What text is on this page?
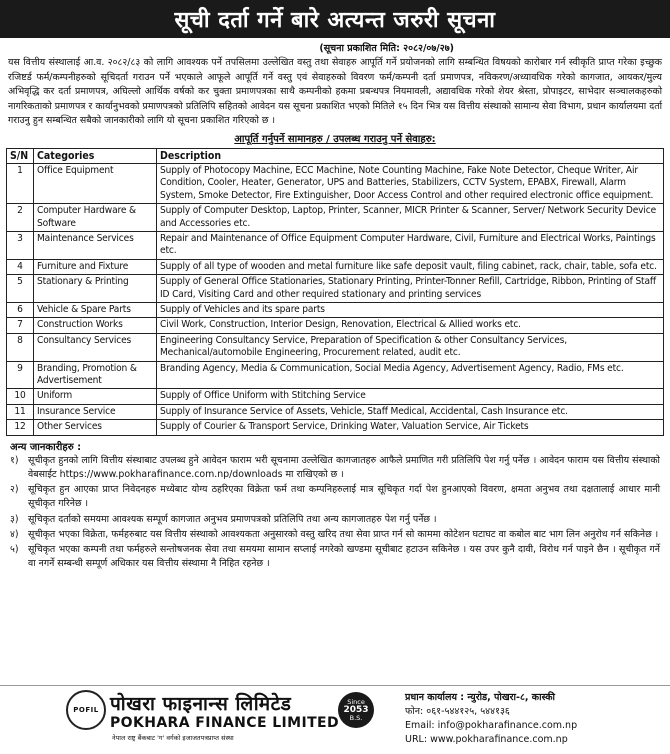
सूची दर्ता गर्ने बारे अत्यन्त जरुरी सूचना
(सूचना प्रकाशित मिति: २०८२/०७/२७)
यस वित्तीय संस्थालाई आ.व. २०८२/८३ को लागि आवश्यक पर्ने तपसिलमा उल्लेखित वस्तु तथा सेवाहरु आपूर्ति गर्ने प्रयोजनको लागि सम्बन्धित विषयको कारोबार गर्न स्वीकृति प्राप्त गरेका इच्छुक रजिष्टर्ड फर्म/कम्पनीहरुको सूचिदर्ता गराउन पर्ने भएकाले आफूले आपूर्ति गर्ने वस्तु एवं सेवाहरुको विवरण फर्म/कम्पनी दर्ता प्रमाणपत्र, नविकरण/अध्यावधिक गरेको कागजात, आयकर/मुल्य अभिवृद्धि कर दर्ता प्रमाणपत्र, अघिल्लो आर्थिक वर्षको कर चुक्ता प्रमाणपत्रका साथै कम्पनीको हकमा प्रबन्धपत्र नियमावली, अद्यावधिक गरेको शेयर श्रेस्ता, प्रोपाइटर, साभेदार सञ्चालकहरुको नागरिकताको प्रमाणपत्र र कार्यानुभवको प्रमाणपत्रको प्रतिलिपि सहितको आवेदन यस सूचना प्रकाशित भएको मितिले १५ दिन भित्र यस वित्तीय संस्थाको सामान्य सेवा विभाग, प्रधान कार्यालयमा दर्ता गराउनु हुन सम्बन्धित सबैको जानकारीको लागि यो सूचना प्रकाशित गरिएको छ ।
आपूर्ति गर्नुपर्ने सामानहरु / उपलब्ध गराउनु पर्ने सेवाहरु:
S/N	Categories	Description
1	Office Equipment	Supply of Photocopy Machine, ECC Machine, Note Counting Machine, Fake Note Detector, Cheque Writer, Air Condition, Cooler, Heater, Generator, UPS and Batteries, Stabilizers, CCTV System, EPABX, Firewall, Alarm System, Smoke Detector, Fire Extinguisher, Door Access Control and other required electronic office equipment.
2	Computer Hardware & Software	Supply of Computer Desktop, Laptop, Printer, Scanner, MICR Printer & Scanner, Server/ Network Security Device and Accessories etc.
3	Maintenance Services	Repair and Maintenance of Office Equipment Computer Hardware, Civil, Furniture and Electrical Works, Paintings etc.
4	Furniture and Fixture	Supply of all type of wooden and metal furniture like safe deposit vault, filing cabinet, rack, chair, table, sofa etc.
5	Stationary & Printing	Supply of General Office Stationaries, Stationary Printing, Printer-Tonner Refill, Cartridge, Ribbon, Printing of Staff ID Card, Visiting Card and other required stationary and printing services
6	Vehicle & Spare Parts	Supply of Vehicles and its spare parts
7	Construction Works	Civil Work, Construction, Interior Design, Renovation, Electrical & Allied works etc.
8	Consultancy Services	Engineering Consultancy Service, Preparation of Specification & other Consultancy Services, Mechanical/automobile Engineering, Procurement related, audit etc.
9	Branding, Promotion & Advertisement	Branding Agency, Media & Communication, Social Media Agency, Advertisement Agency, Radio, FMs etc.
10	Uniform	Supply of Office Uniform with Stitching Service
11	Insurance Service	Supply of Insurance Service of Assets, Vehicle, Staff Medical, Accidental, Cash Insurance etc.
12	Other Services	Supply of Courier & Transport Service, Drinking Water, Valuation Service, Air Tickets
अन्य जानकारीहरु :
१)	सूचीकृत हुनको लागि वित्तीय संस्थाबाट उपलब्ध हुने आवेदन फाराम भरी सूचनामा उल्लेखित कागजातहरु आफैले प्रमाणित गरी प्रतिलिपि पेश गर्नु पर्नेछ । आवेदन फाराम यस वित्तीय संस्थाको वेबसाईट https://www.pokharafinance.com.np/downloads मा राखिएको छ ।
२)	सूचिकृत हुन आएका प्राप्त निवेदनहरु मध्येबाट योग्य ठहरिएका विक्रेता फर्म तथा कम्पनिहरुलाई मात्र सूचिकृत गर्दा पेश हुनआएको विवरण, क्षमता अनुभव तथा दक्षतालाई आधार मानी सूचीकृत गरिनेछ ।
३)	सूचिकृत दर्ताको समयमा आवश्यक सम्पूर्ण कागजात अनुभव प्रमाणपत्रको प्रतिलिपि तथा अन्य कागजातहरु पेश गर्नु पर्नेछ ।
४)	सूचीकृत भएका विक्रेता, फर्महरुबाट यस वित्तीय संस्थाको आवश्यकता अनुसारको वस्तु खरिद तथा सेवा प्राप्त गर्न सो काममा कोटेशन घटाघट वा कबोल बाट भाग लिन अनुरोध गर्न सकिनेछ ।
५)	सूचिकृत भएका कम्पनी तथा फर्महरुले सन्तोषजनक सेवा तथा समयमा सामान सप्लाई नगरेको खण्डमा सूचीबाट हटाउन सकिनेछ । यस उपर कुनै दावी, विरोध गर्न पाइने छैन । सूचीकृत गर्ने वा नगर्ने सम्बन्धी सम्पूर्ण अधिकार यस वित्तीय संस्थामा नै निहित रहनेछ ।
POFIL पोखरा फाइनान्स लिमिटेड
POKHARA FINANCE LIMITED
नेपाल राष्ट्र बैंकबाट 'ग' वर्गको इजाजतपत्रप्राप्त संस्था
Since
2053
B.S.
प्रधान कार्यालय : न्युरोड, पोखरा-८, कास्की
फोन: ०६१-५४४१२५, ५४४१३६
Email: info@pokharafinance.com.np
URL: www.pokharafinance.com.np
